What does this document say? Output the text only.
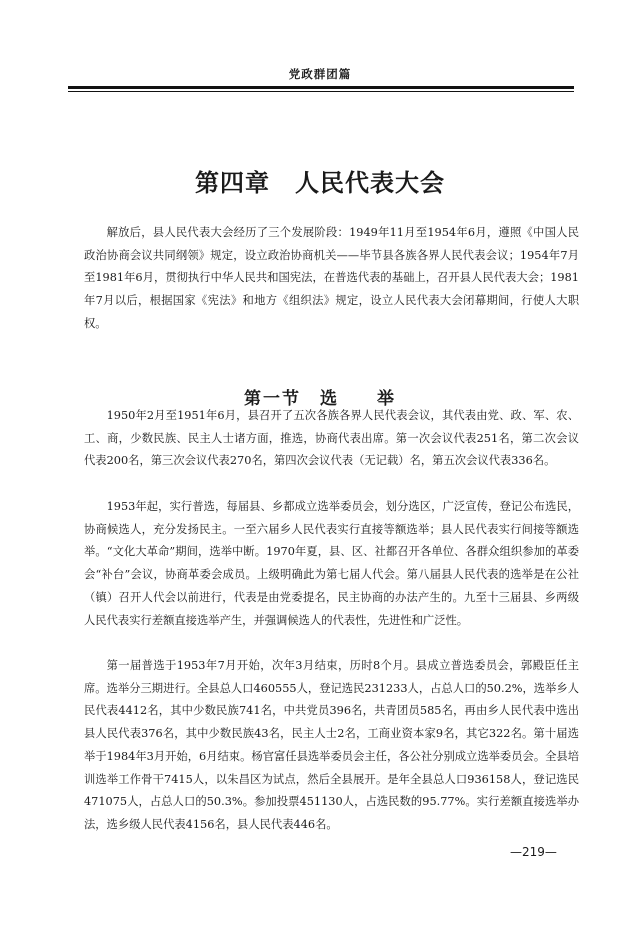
党政群团篇
第四章　人民代表大会

解放后，县人民代表大会经历了三个发展阶段：1949年11月至1954年6月，遵照《中国人民政治协商会议共同纲领》规定，设立政治协商机关——毕节县各族各界人民代表会议；1954年7月至1981年6月，贯彻执行中华人民共和国宪法，在普选代表的基础上，召开县人民代表大会；1981年7月以后，根据国家《宪法》和地方《组织法》规定，设立人民代表大会闭幕期间，行使人大职权。

第一节　选　　举

1950年2月至1951年6月，县召开了五次各族各界人民代表会议，其代表由党、政、军、农、工、商，少数民族、民主人士诸方面，推选，协商代表出席。第一次会议代表251名，第二次会议代表200名，第三次会议代表270名，第四次会议代表（无记载）名，第五次会议代表336名。

1953年起，实行普选，每届县、乡都成立选举委员会，划分选区，广泛宣传，登记公布选民，协商候选人，充分发扬民主。一至六届乡人民代表实行直接等额选举；县人民代表实行间接等额选举。“文化大革命”期间，选举中断。1970年夏，县、区、社都召开各单位、各群众组织参加的革委会“补台”会议，协商革委会成员。上级明确此为第七届人代会。第八届县人民代表的选举是在公社（镇）召开人代会以前进行，代表是由党委提名，民主协商的办法产生的。九至十三届县、乡两级人民代表实行差额直接选举产生，并强调候选人的代表性，先进性和广泛性。

第一届普选于1953年7月开始，次年3月结束，历时8个月。县成立普选委员会，郭殿臣任主席。选举分三期进行。全县总人口460555人，登记选民231233人，占总人口的50.2%，选举乡人民代表4412名，其中少数民族741名，中共党员396名，共青团员585名，再由乡人民代表中选出县人民代表376名，其中少数民族43名，民主人士2名，工商业资本家9名，其它322名。第十届选举于1984年3月开始，6月结束。杨官富任县选举委员会主任，各公社分别成立选举委员会。全县培训选举工作骨干7415人，以朱昌区为试点，然后全县展开。是年全县总人口936158人，登记选民471075人，占总人口的50.3%。参加投票451130人，占选民数的95.77%。实行差额直接选举办法，选乡级人民代表4156名，县人民代表446名。

—219—
